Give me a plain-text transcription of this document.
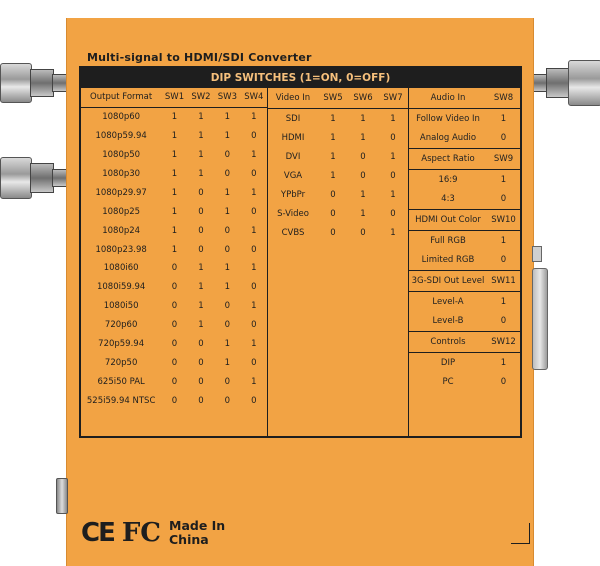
Multi-signal to HDMI/SDI Converter
DIP SWITCHES (1=ON, 0=OFF)
Output Format	SW1 SW2 SW3 SW4
1080p60	1	1	1	1
1080p59.94	1	1	1	0
1080p50	1	1	0	1
1080p30	1	1	0	0
1080p29.97	1	0	1	1
1080p25	1	0	1	0
1080p24	1	0	0	1
1080p23.98	1	0	0	0
1080i60	0	1	1	1
1080i59.94	0	1	1	0
1080i50	0	1	0	1
720p60	0	1	0	0
720p59.94	0	0	1	1
720p50	0	0	1	0
625i50 PAL	0	0	0	1
525i59.94 NTSC	0	0	0	0
Video In	SW5	SW6	SW7
SDI	1	1	1
HDMI	1	1	0
DVI	1	0	1
VGA	1	0	0
YPbPr	0	1	1
S-Video	0	1	0
CVBS	0	0	1
Audio In	SW8
Follow Video In	1
Analog Audio	0
Aspect Ratio	SW9
16:9	1
4:3	0
HDMI Out Color	SW10
Full RGB	1
Limited RGB	0
3G-SDI Out Level SW11
Level-A	1
Level-B	0
Controls	SW12
DIP	1
PC	0
CE FC Made In
China
